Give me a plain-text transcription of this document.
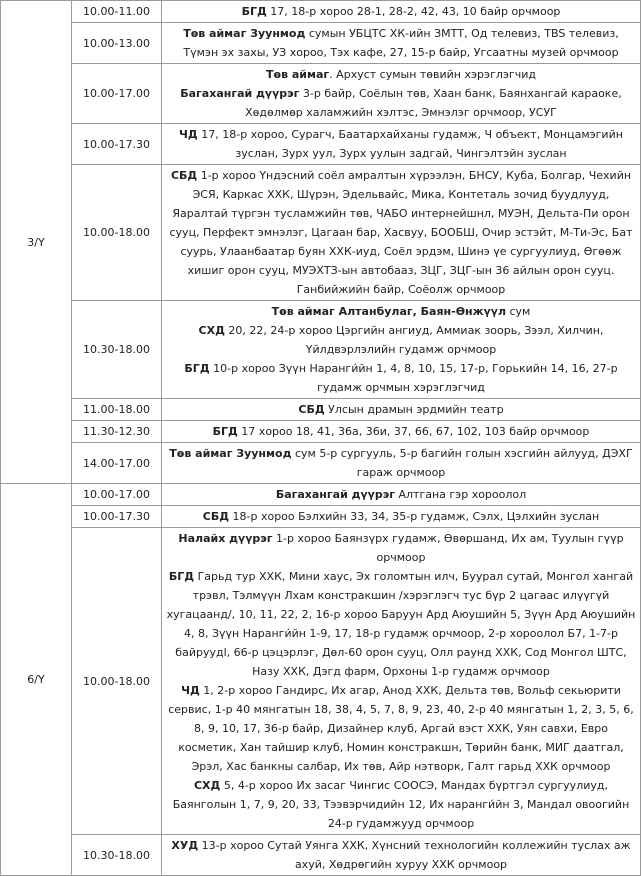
3/Ү	10.00-11.00	БГД 17, 18-р хороо 28-1, 28-2, 42, 43, 10 байр орчмоор

	10.00-13.00	Төв аймаг Зуунмод сумын УБЦТС ХК-ийн ЗМТТ, Од телевиз, TBS телевиз, Түмэн эх захы, УЗ хороо, Тэх кафе, 27, 15-р байр, Угсаатны музей орчмоор

	10.00-17.00	Төв аймаг. Архуст сумын төвийн хэрэглэгчид
Багахангай дүүрэг 3-р байр, Соёлын төв, Хаан банк, Баянхангай караоке, Хөдөлмөр халамжийн хэлтэс, Эмнэлэг орчмоор, УСУГ

	10.00-17.30	ЧД 17, 18-р хороо, Сурагч, Баатархайханы гудамж, Ч объект, Монцамэгийн зуслан, Зурх уул, Зурх уулын задгай, Чингэлтэйн зуслан

	10.00-18.00	СБД 1-р хороо Үндэсний соёл амралтын хүрээлэн, БНСУ, Куба, Болгар, Чехийн ЭСЯ, Каркас ХХК, Шүрэн, Эдельвайс, Мика, Контеталь зочид буудлууд, Яаралтай түргэн тусламжийн төв, ЧАБО интернейшнл, МУЭН, Дельта-Пи орон сууц, Перфект эмнэлэг, Цагаан бар, Хасвуу, БООБШ, Очир эстэйт, М-Ти-Эс, Бат суурь, Улаанбаатар буян ХХК-иуд, Соёл эрдэм, Шинэ үе сургуулиуд, Өгөөж хишиг орон сууц, МУЭХТЗ-ын автобааз, ЗЦГ, ЗЦГ-ын 36 айлын орон сууц. Ганбийжийн байр, Соёолж орчмоор

	10.30-18.00	Төв аймаг Алтанбулаг, Баян-Өнжүүл сум
СХД 20, 22, 24-р хороо Цэргийн ангиуд, Аммиак зоорь, Зээл, Хилчин, Үйлдвэрлэлийн гудамж орчмоор
БГД 10-р хороо Зүүн Наранги́йн 1, 4, 8, 10, 15, 17-р, Горькийн 14, 16, 27-р гудамж орчмын хэрэглэгчид

	11.00-18.00	СБД Улсын драмын эрдмийн театр

	11.30-12.30	БГД 17 хороо 18, 41, 36а, 36и, 37, 66, 67, 102, 103 байр орчмоор

	14.00-17.00	Төв аймаг Зуунмод сум 5-р сургууль, 5-р багийн голын хэсгийн айлууд, ДЭХГ гараж орчмоор

6/Ү	10.00-17.00	Багахангай дүүрэг Алтгана гэр хороолол

	10.00-17.30	СБД 18-р хороо Бэлхийн 33, 34, 35-р гудамж, Сэлх, Цэлхийн зуслан

	10.00-18.00	Налайх дүүрэг 1-р хороо Баянзүрх гудамж, Өвөршанд, Их ам, Туулын гүүр орчмоор
БГД Гарьд тур ХХК, Мини хаус, Эх голомтын илч, Буурал сутай, Монгол хангай трэвл, Тэлмүүн Лхам констракшин /хэрэглэгч тус бүр 2 цагаас илүүгүй хугацаанд/, 10, 11, 22, 2, 16-р хороо Баруун Ард Аюушийн 5, Зүүн Ард Аюушийн 4, 8, Зүүн Наранги́йн 1-9, 17, 18-р гудамж орчмоор, 2-р хороолол Б7, 1-7-р байруудl, 66-р цэцэрлэг, Дөл-60 орон сууц, Олл раунд ХХК, Сод Монгол ШТС, Назу ХХК, Дэгд фарм, Орхоны 1-р гудамж орчмоор
ЧД 1, 2-р хороо Гандирс, Их агар, Анод ХХК, Дельта төв, Вольф секьюрити сервис, 1-р 40 мянгатын 18, 38, 4, 5, 7, 8, 9, 23, 40, 2-р 40 мянгатын 1, 2, 3, 5, 6, 8, 9, 10, 17, 36-р байр, Дизайнер клуб, Аргай вэст ХХК, Уян савхи, Евро косметик, Хан тайшир клуб, Номин констракшн, Төрийн банк, МИГ даатгал, Эрэл, Хас банкны салбар, Их төв, Айр нэтворк, Галт гарьд ХХК орчмоор
СХД 5, 4-р хороо Их засаг Чингис СООСЭ, Мандах бүртгэл сургуулиуд, Баянголын 1, 7, 9, 20, 33, Тээвэрчидийн 12, Их наранги́йн 3, Мандал овоогийн 24-р гудамжууд орчмоор

	10.30-18.00	ХУД 13-р хороо Сутай Уянга ХХК, Хүнсний технологийн коллежийн туслах аж ахуй, Хөдрөгийн хуруу ХХК орчмоор
